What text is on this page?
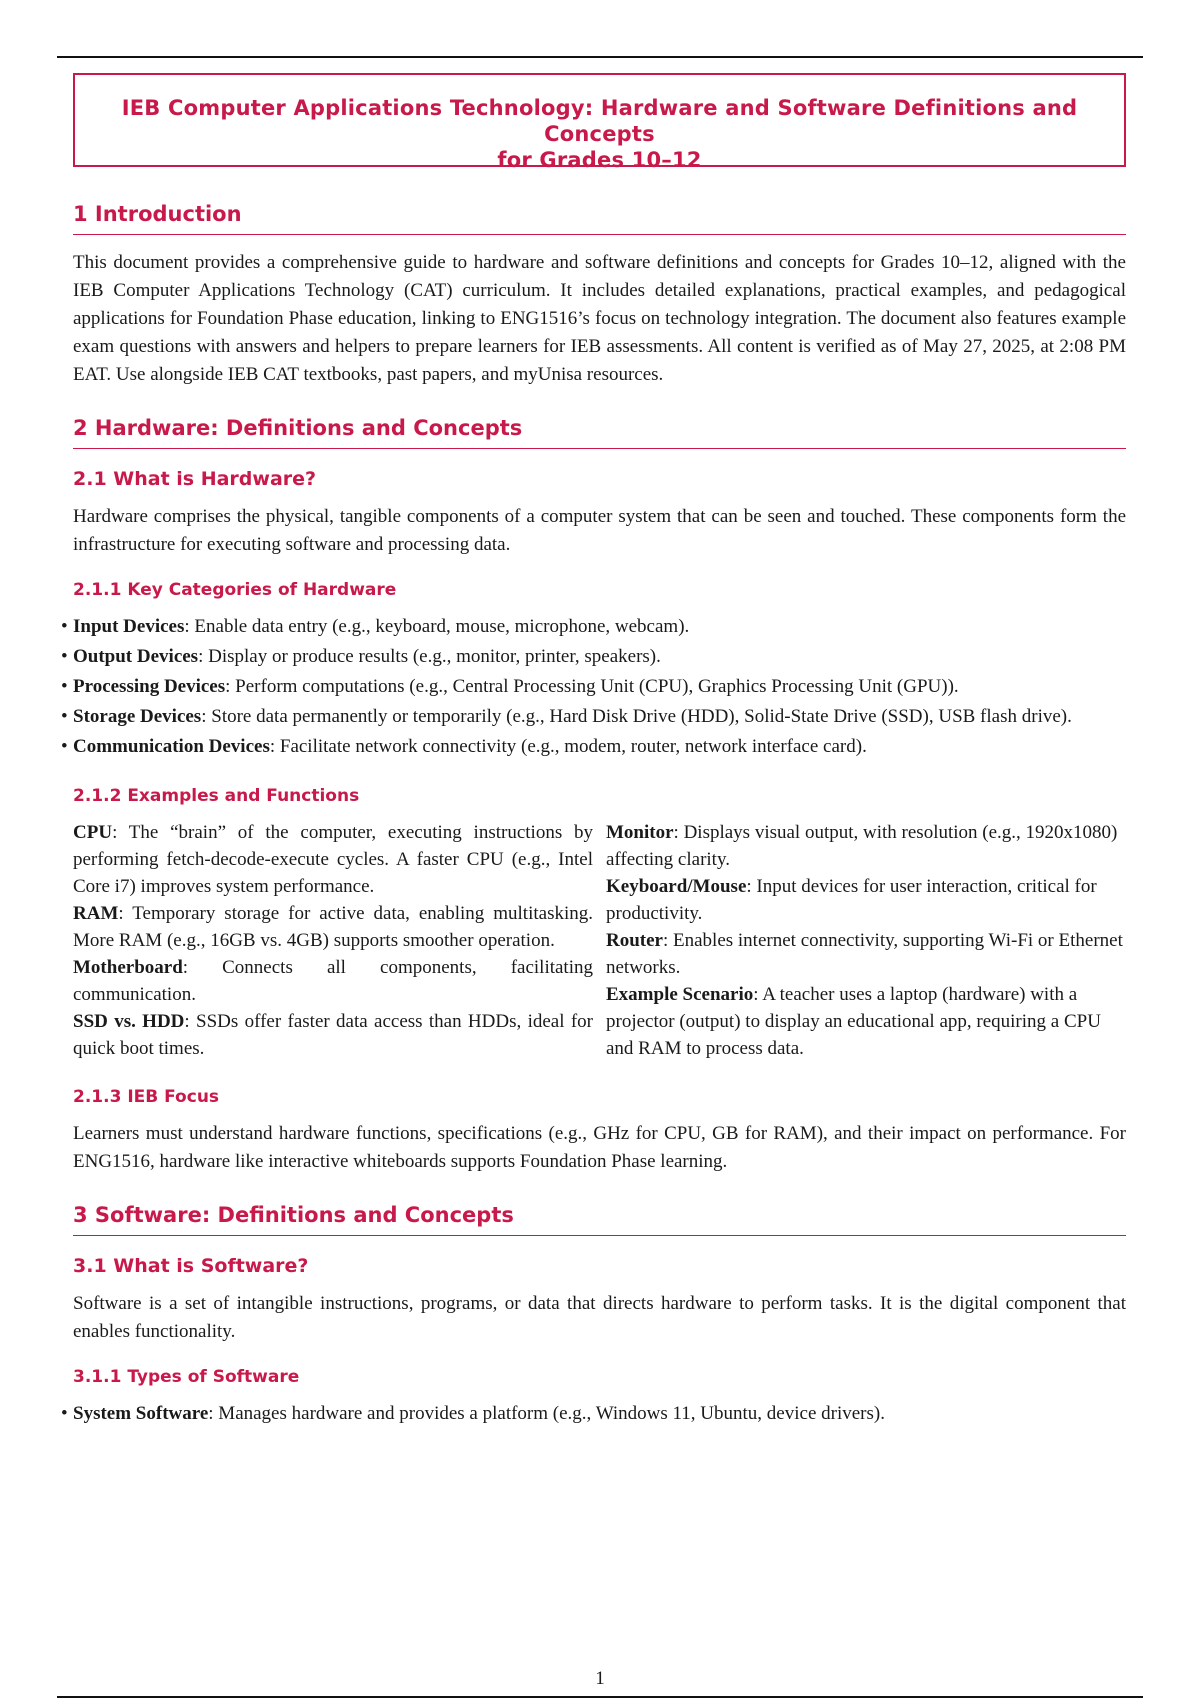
IEB Computer Applications Technology: Hardware and Software Definitions and Concepts
for Grades 10–12
1 Introduction

This document provides a comprehensive guide to hardware and software definitions and concepts for Grades 10–12, aligned with the IEB Computer Applications Technology (CAT) curriculum. It includes detailed explanations, practical examples, and pedagogical applications for Foundation Phase education, linking to ENG1516’s focus on technology integration. The document also features example exam questions with answers and helpers to prepare learners for IEB assessments. All content is verified as of May 27, 2025, at 2:08 PM EAT. Use alongside IEB CAT textbooks, past papers, and myUnisa resources.

2 Hardware: Definitions and Concepts
2.1 What is Hardware?

Hardware comprises the physical, tangible components of a computer system that can be seen and touched. These components form the infrastructure for executing software and processing data.

2.1.1 Key Categories of Hardware
• Input Devices: Enable data entry (e.g., keyboard, mouse, microphone, webcam).
• Output Devices: Display or produce results (e.g., monitor, printer, speakers).
• Processing Devices: Perform computations (e.g., Central Processing Unit (CPU), Graphics Processing Unit (GPU)).
• Storage Devices: Store data permanently or temporarily (e.g., Hard Disk Drive (HDD), Solid-State Drive (SSD), USB flash drive).
• Communication Devices: Facilitate network connectivity (e.g., modem, router, network interface card).
2.1.2 Examples and Functions

CPU: The “brain” of the computer, executing instructions by performing fetch-decode-execute cycles. A faster CPU (e.g., Intel Core i7) improves system performance.

RAM: Temporary storage for active data, enabling multitasking. More RAM (e.g., 16GB vs. 4GB) supports smoother operation.

Motherboard: Connects all components, facilitating communication.

SSD vs. HDD: SSDs offer faster data access than HDDs, ideal for quick boot times.

Monitor: Displays visual output, with resolution (e.g., 1920x1080) affecting clarity.

Keyboard/Mouse: Input devices for user interaction, critical for productivity.

Router: Enables internet connectivity, supporting Wi-Fi or Ethernet networks.

Example Scenario: A teacher uses a laptop (hardware) with a projector (output) to display an educational app, requiring a CPU and RAM to process data.

2.1.3 IEB Focus

Learners must understand hardware functions, specifications (e.g., GHz for CPU, GB for RAM), and their impact on performance. For ENG1516, hardware like interactive whiteboards supports Foundation Phase learning.

3 Software: Definitions and Concepts
3.1 What is Software?

Software is a set of intangible instructions, programs, or data that directs hardware to perform tasks. It is the digital component that enables functionality.

3.1.1 Types of Software
• System Software: Manages hardware and provides a platform (e.g., Windows 11, Ubuntu, device drivers).
1
